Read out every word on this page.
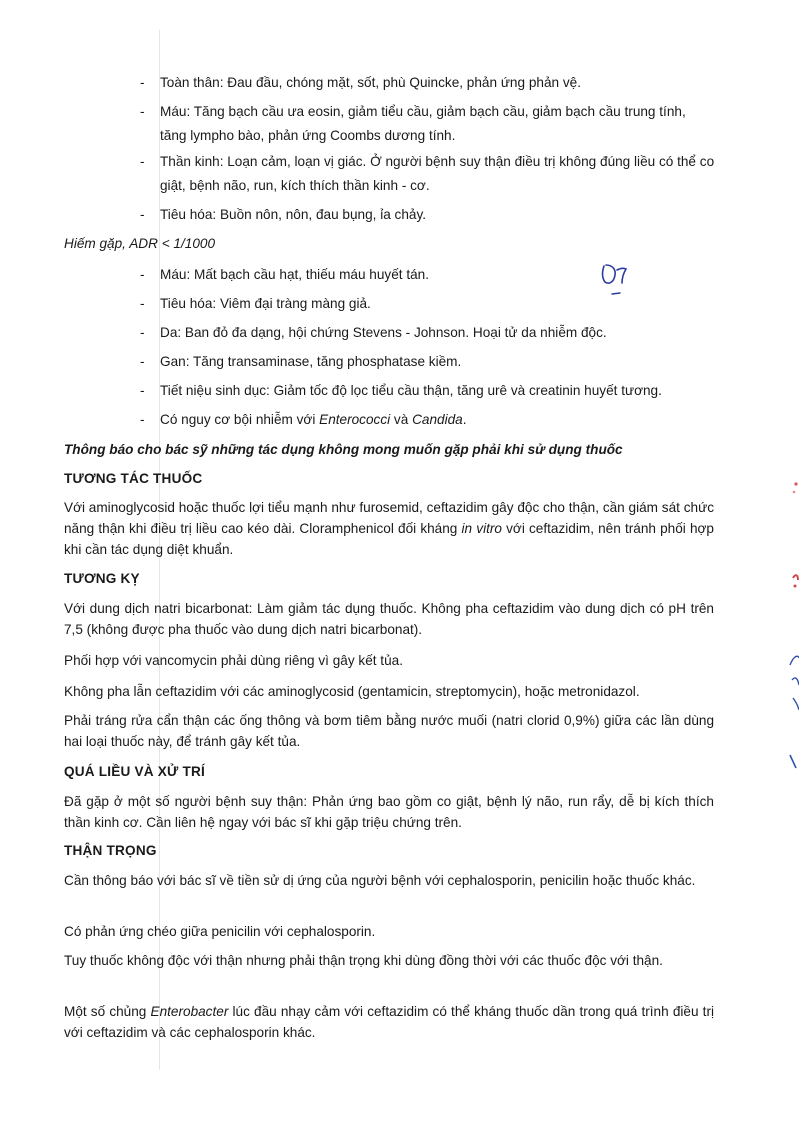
- Toàn thân: Đau đầu, chóng mặt, sốt, phù Quincke, phản ứng phản vệ.
- Máu: Tăng bạch cầu ưa eosin, giảm tiểu cầu, giảm bạch cầu, giảm bạch cầu trung tính, tăng lympho bào, phản ứng Coombs dương tính.
- Thần kinh: Loạn cảm, loạn vị giác. Ở người bệnh suy thận điều trị không đúng liều có thể co giật, bệnh não, run, kích thích thần kinh - cơ.
- Tiêu hóa: Buồn nôn, nôn, đau bụng, ỉa chảy.

Hiếm gặp, ADR < 1/1000

- Máu: Mất bạch cầu hạt, thiếu máu huyết tán.
- Tiêu hóa: Viêm đại tràng màng giả.
- Da: Ban đỏ đa dạng, hội chứng Stevens - Johnson. Hoại tử da nhiễm độc.
- Gan: Tăng transaminase, tăng phosphatase kiềm.
- Tiết niệu sinh dục: Giảm tốc độ lọc tiểu cầu thận, tăng urê và creatinin huyết tương.
- Có nguy cơ bội nhiễm với Enterococci và Candida.

Thông báo cho bác sỹ những tác dụng không mong muốn gặp phải khi sử dụng thuốc

TƯƠNG TÁC THUỐC

Với aminoglycosid hoặc thuốc lợi tiểu mạnh như furosemid, ceftazidim gây độc cho thận, cần giám sát chức năng thận khi điều trị liều cao kéo dài. Cloramphenicol đối kháng in vitro với ceftazidim, nên tránh phối hợp khi cần tác dụng diệt khuẩn.

TƯƠNG KỴ

Với dung dịch natri bicarbonat: Làm giảm tác dụng thuốc. Không pha ceftazidim vào dung dịch có pH trên 7,5 (không được pha thuốc vào dung dịch natri bicarbonat).

Phối hợp với vancomycin phải dùng riêng vì gây kết tủa.

Không pha lẫn ceftazidim với các aminoglycosid (gentamicin, streptomycin), hoặc metronidazol.

Phải tráng rửa cẩn thận các ống thông và bơm tiêm bằng nước muối (natri clorid 0,9%) giữa các lần dùng hai loại thuốc này, để tránh gây kết tủa.

QUÁ LIỀU VÀ XỬ TRÍ

Đã gặp ở một số người bệnh suy thận: Phản ứng bao gồm co giật, bệnh lý não, run rẩy, dễ bị kích thích thần kinh cơ. Cần liên hệ ngay với bác sĩ khi gặp triệu chứng trên.

THẬN TRỌNG

Cần thông báo với bác sĩ về tiền sử dị ứng của người bệnh với cephalosporin, penicilin hoặc thuốc khác.

Có phản ứng chéo giữa penicilin với cephalosporin.

Tuy thuốc không độc với thận nhưng phải thận trọng khi dùng đồng thời với các thuốc độc với thận.

Một số chủng Enterobacter lúc đầu nhạy cảm với ceftazidim có thể kháng thuốc dần trong quá trình điều trị với ceftazidim và các cephalosporin khác.
